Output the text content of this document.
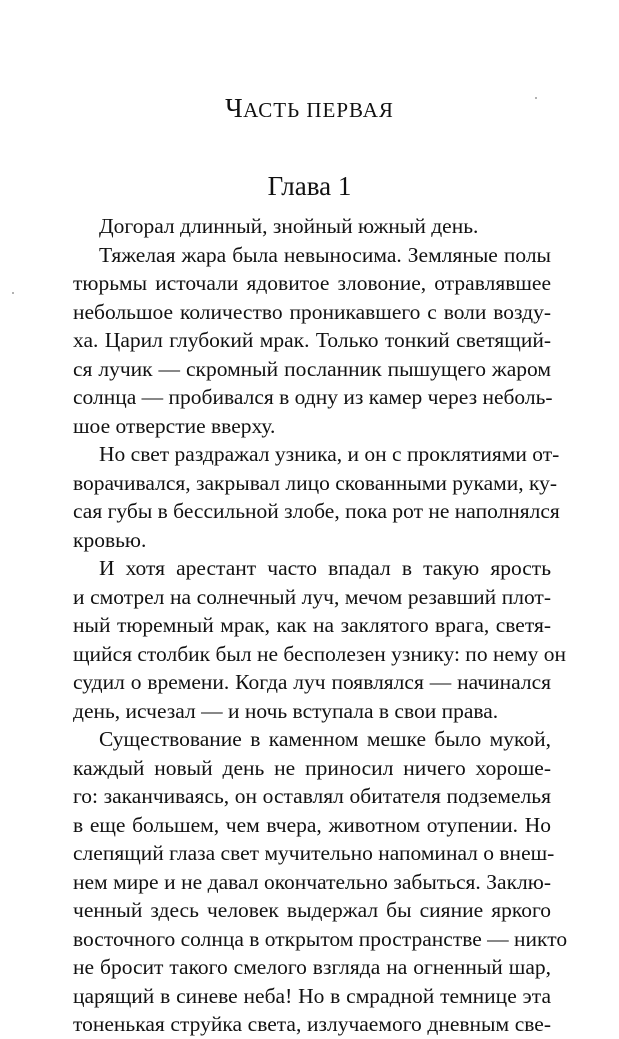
ЧАСТЬ ПЕРВАЯ
Глава 1
Догорал длинный, знойный южный день.
Тяжелая жара была невыносима. Земляные полы
тюрьмы источали ядовитое зловоние, отравлявшее
небольшое количество проникавшего с воли возду-
ха. Царил глубокий мрак. Только тонкий светящий-
ся лучик — скромный посланник пышущего жаром
солнца — пробивался в одну из камер через неболь-
шое отверстие вверху.
Но свет раздражал узника, и он с проклятиями от-
ворачивался, закрывал лицо скованными руками, ку-
сая губы в бессильной злобе, пока рот не наполнялся
кровью.
И хотя арестант часто впадал в такую ярость
и смотрел на солнечный луч, мечом резавший плот-
ный тюремный мрак, как на заклятого врага, светя-
щийся столбик был не бесполезен узнику: по нему он
судил о времени. Когда луч появлялся — начинался
день, исчезал — и ночь вступала в свои права.
Существование в каменном мешке было мукой,
каждый новый день не приносил ничего хороше-
го: заканчиваясь, он оставлял обитателя подземелья
в еще большем, чем вчера, животном отупении. Но
слепящий глаза свет мучительно напоминал о внеш-
нем мире и не давал окончательно забыться. Заклю-
ченный здесь человек выдержал бы сияние яркого
восточного солнца в открытом пространстве — никто
не бросит такого смелого взгляда на огненный шар,
царящий в синеве неба! Но в смрадной темнице эта
тоненькая струйка света, излучаемого дневным све-
